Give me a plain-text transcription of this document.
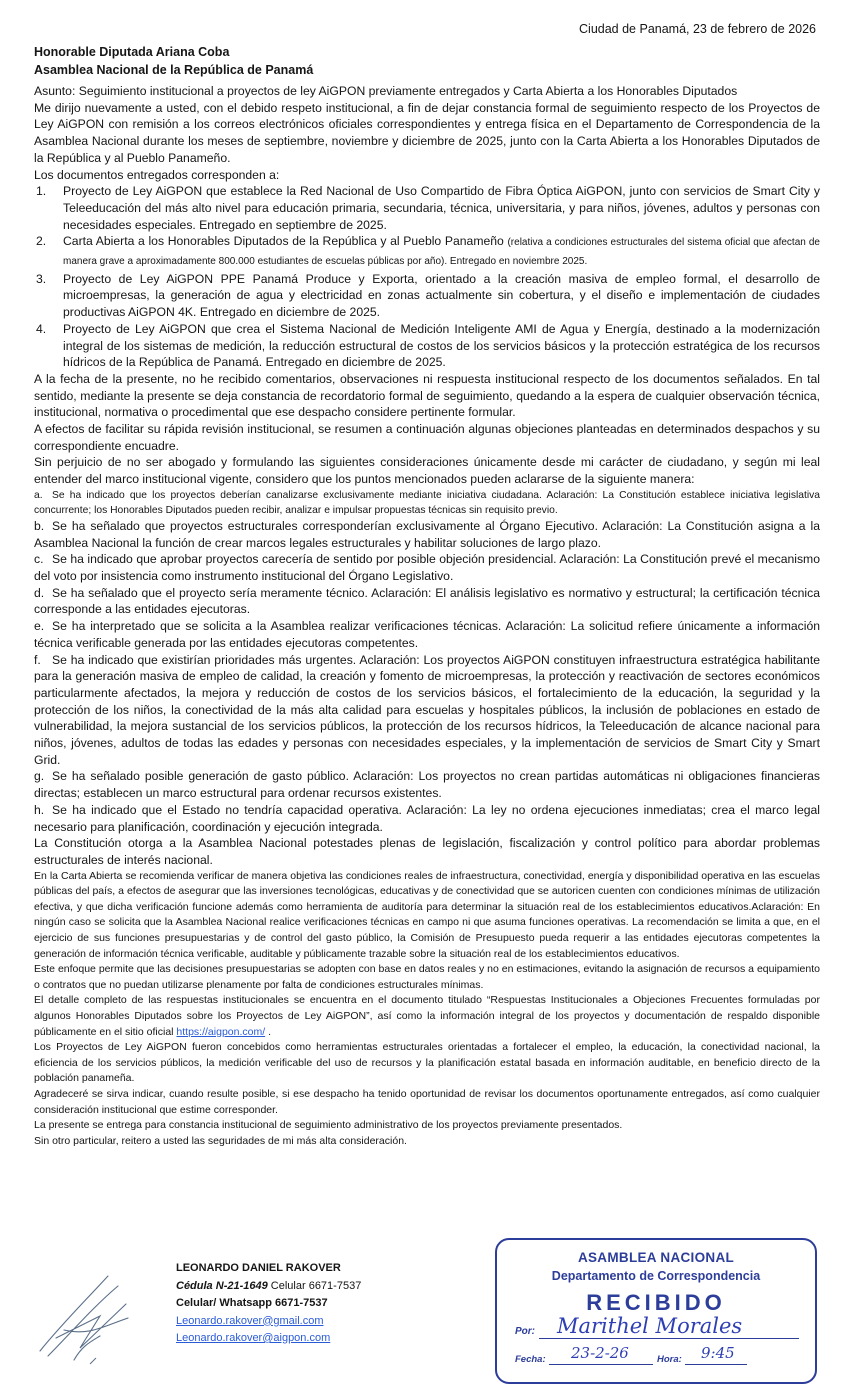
Ciudad de Panamá, 23 de febrero de 2026
Honorable Diputada Ariana Coba
Asamblea Nacional de la República de Panamá

Asunto: Seguimiento institucional a proyectos de ley AiGPON previamente entregados y Carta Abierta a los Honorables Diputados

Me dirijo nuevamente a usted, con el debido respeto institucional, a fin de dejar constancia formal de seguimiento respecto de los Proyectos de Ley AiGPON con remisión a los correos electrónicos oficiales correspondientes y entrega física en el Departamento de Correspondencia de la Asamblea Nacional durante los meses de septiembre, noviembre y diciembre de 2025, junto con la Carta Abierta a los Honorables Diputados de la República y al Pueblo Panameño.

Los documentos entregados corresponden a:

1.	Proyecto de Ley AiGPON que establece la Red Nacional de Uso Compartido de Fibra Óptica AiGPON, junto con servicios de Smart City y Teleeducación del más alto nivel para educación primaria, secundaria, técnica, universitaria, y para niños, jóvenes, adultos y personas con necesidades especiales. Entregado en septiembre de 2025.
2.	Carta Abierta a los Honorables Diputados de la República y al Pueblo Panameño (relativa a condiciones estructurales del sistema oficial que afectan de manera grave a aproximadamente 800.000 estudiantes de escuelas públicas por año). Entregado en noviembre 2025.
3.	Proyecto de Ley AiGPON PPE Panamá Produce y Exporta, orientado a la creación masiva de empleo formal, el desarrollo de microempresas, la generación de agua y electricidad en zonas actualmente sin cobertura, y el diseño e implementación de ciudades productivas AiGPON 4K. Entregado en diciembre de 2025.
4.	Proyecto de Ley AiGPON que crea el Sistema Nacional de Medición Inteligente AMI de Agua y Energía, destinado a la modernización integral de los sistemas de medición, la reducción estructural de costos de los servicios básicos y la protección estratégica de los recursos hídricos de la República de Panamá. Entregado en diciembre de 2025.

A la fecha de la presente, no he recibido comentarios, observaciones ni respuesta institucional respecto de los documentos señalados. En tal sentido, mediante la presente se deja constancia de recordatorio formal de seguimiento, quedando a la espera de cualquier observación técnica, institucional, normativa o procedimental que ese despacho considere pertinente formular.

A efectos de facilitar su rápida revisión institucional, se resumen a continuación algunas objeciones planteadas en determinados despachos y su correspondiente encuadre.

Sin perjuicio de no ser abogado y formulando las siguientes consideraciones únicamente desde mi carácter de ciudadano, y según mi leal entender del marco institucional vigente, considero que los puntos mencionados pueden aclararse de la siguiente manera:

a. Se ha indicado que los proyectos deberían canalizarse exclusivamente mediante iniciativa ciudadana. Aclaración: La Constitución establece iniciativa legislativa concurrente; los Honorables Diputados pueden recibir, analizar e impulsar propuestas técnicas sin requisito previo.

b. Se ha señalado que proyectos estructurales corresponderían exclusivamente al Órgano Ejecutivo. Aclaración: La Constitución asigna a la Asamblea Nacional la función de crear marcos legales estructurales y habilitar soluciones de largo plazo.

c. Se ha indicado que aprobar proyectos carecería de sentido por posible objeción presidencial. Aclaración: La Constitución prevé el mecanismo del voto por insistencia como instrumento institucional del Órgano Legislativo.

d. Se ha señalado que el proyecto sería meramente técnico. Aclaración: El análisis legislativo es normativo y estructural; la certificación técnica corresponde a las entidades ejecutoras.

e. Se ha interpretado que se solicita a la Asamblea realizar verificaciones técnicas. Aclaración: La solicitud refiere únicamente a información técnica verificable generada por las entidades ejecutoras competentes.

f. Se ha indicado que existirían prioridades más urgentes. Aclaración: Los proyectos AiGPON constituyen infraestructura estratégica habilitante para la generación masiva de empleo de calidad, la creación y fomento de microempresas, la protección y reactivación de sectores económicos particularmente afectados, la mejora y reducción de costos de los servicios básicos, el fortalecimiento de la educación, la seguridad y la protección de los niños, la conectividad de la más alta calidad para escuelas y hospitales públicos, la inclusión de poblaciones en estado de vulnerabilidad, la mejora sustancial de los servicios públicos, la protección de los recursos hídricos, la Teleeducación de alcance nacional para niños, jóvenes, adultos de todas las edades y personas con necesidades especiales, y la implementación de servicios de Smart City y Smart Grid.

g. Se ha señalado posible generación de gasto público. Aclaración: Los proyectos no crean partidas automáticas ni obligaciones financieras directas; establecen un marco estructural para ordenar recursos existentes.

h. Se ha indicado que el Estado no tendría capacidad operativa. Aclaración: La ley no ordena ejecuciones inmediatas; crea el marco legal necesario para planificación, coordinación y ejecución integrada.

La Constitución otorga a la Asamblea Nacional potestades plenas de legislación, fiscalización y control político para abordar problemas estructurales de interés nacional.

En la Carta Abierta se recomienda verificar de manera objetiva las condiciones reales de infraestructura, conectividad, energía y disponibilidad operativa en las escuelas públicas del país, a efectos de asegurar que las inversiones tecnológicas, educativas y de conectividad que se autoricen cuenten con condiciones mínimas de utilización efectiva, y que dicha verificación funcione además como herramienta de auditoría para determinar la situación real de los establecimientos educativos.Aclaración: En ningún caso se solicita que la Asamblea Nacional realice verificaciones técnicas en campo ni que asuma funciones operativas. La recomendación se limita a que, en el ejercicio de sus funciones presupuestarias y de control del gasto público, la Comisión de Presupuesto pueda requerir a las entidades ejecutoras competentes la generación de información técnica verificable, auditable y públicamente trazable sobre la situación real de los establecimientos educativos.

Este enfoque permite que las decisiones presupuestarias se adopten con base en datos reales y no en estimaciones, evitando la asignación de recursos a equipamiento o contratos que no puedan utilizarse plenamente por falta de condiciones estructurales mínimas.

El detalle completo de las respuestas institucionales se encuentra en el documento titulado “Respuestas Institucionales a Objeciones Frecuentes formuladas por algunos Honorables Diputados sobre los Proyectos de Ley AiGPON”, así como la información integral de los proyectos y documentación de respaldo disponible públicamente en el sitio oficial https://aigpon.com/ .

Los Proyectos de Ley AiGPON fueron concebidos como herramientas estructurales orientadas a fortalecer el empleo, la educación, la conectividad nacional, la eficiencia de los servicios públicos, la medición verificable del uso de recursos y la planificación estatal basada en información auditable, en beneficio directo de la población panameña.

Agradeceré se sirva indicar, cuando resulte posible, si ese despacho ha tenido oportunidad de revisar los documentos oportunamente entregados, así como cualquier consideración institucional que estime corresponder.

La presente se entrega para constancia institucional de seguimiento administrativo de los proyectos previamente presentados.

Sin otro particular, reitero a usted las seguridades de mi más alta consideración.

LEONARDO DANIEL RAKOVER
Cédula N-21-1649 Celular 6671-7537
Celular/ Whatsapp 6671-7537
Leonardo.rakover@gmail.com
Leonardo.rakover@aigpon.com
ASAMBLEA NACIONAL
Departamento de Correspondencia
RECIBIDO
Por: Marithel Morales
Fecha: 23-2-26	Hora: 9:45
